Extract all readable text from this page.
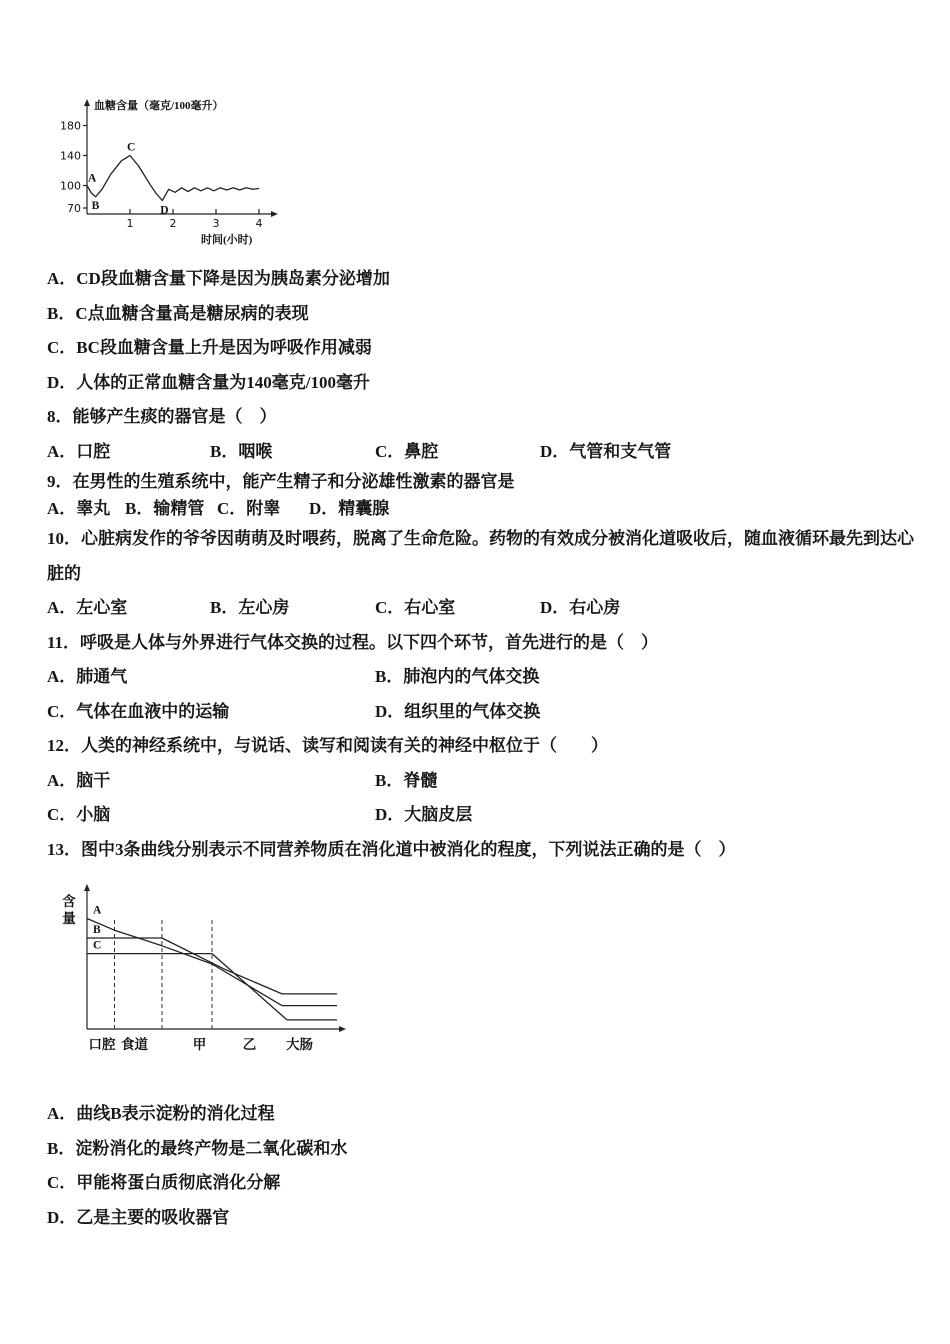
血糖含量（毫克/100毫升）
180
140
100
70
1	2	3	4
时间(小时)
A
B
C
D
A．CD段血糖含量下降是因为胰岛素分泌增加
B．C点血糖含量高是糖尿病的表现
C．BC段血糖含量上升是因为呼吸作用减弱
D．人体的正常血糖含量为140毫克/100毫升
8．能够产生痰的器官是（　）
A．口腔	B．咽喉	C．鼻腔	D．气管和支气管
9．在男性的生殖系统中，能产生精子和分泌雄性激素的器官是
A．睾丸 B．输精管 C．附睾	D．精囊腺
10．心脏病发作的爷爷因萌萌及时喂药，脱离了生命危险。药物的有效成分被消化道吸收后，随血液循环最先到达心
脏的
A．左心室	B．左心房	C．右心室	D．右心房
11．呼吸是人体与外界进行气体交换的过程。以下四个环节，首先进行的是（　）
A．肺通气	B．肺泡内的气体交换
C．气体在血液中的运输	D．组织里的气体交换
12．人类的神经系统中，与说话、读写和阅读有关的神经中枢位于（　　）
A．脑干	B．脊髓
C．小脑	D．大脑皮层
13．图中3条曲线分别表示不同营养物质在消化道中被消化的程度，下列说法正确的是（　）
含
量
A
B
C
口腔 食道	甲	乙 大肠
A．曲线B表示淀粉的消化过程
B．淀粉消化的最终产物是二氧化碳和水
C．甲能将蛋白质彻底消化分解
D．乙是主要的吸收器官
